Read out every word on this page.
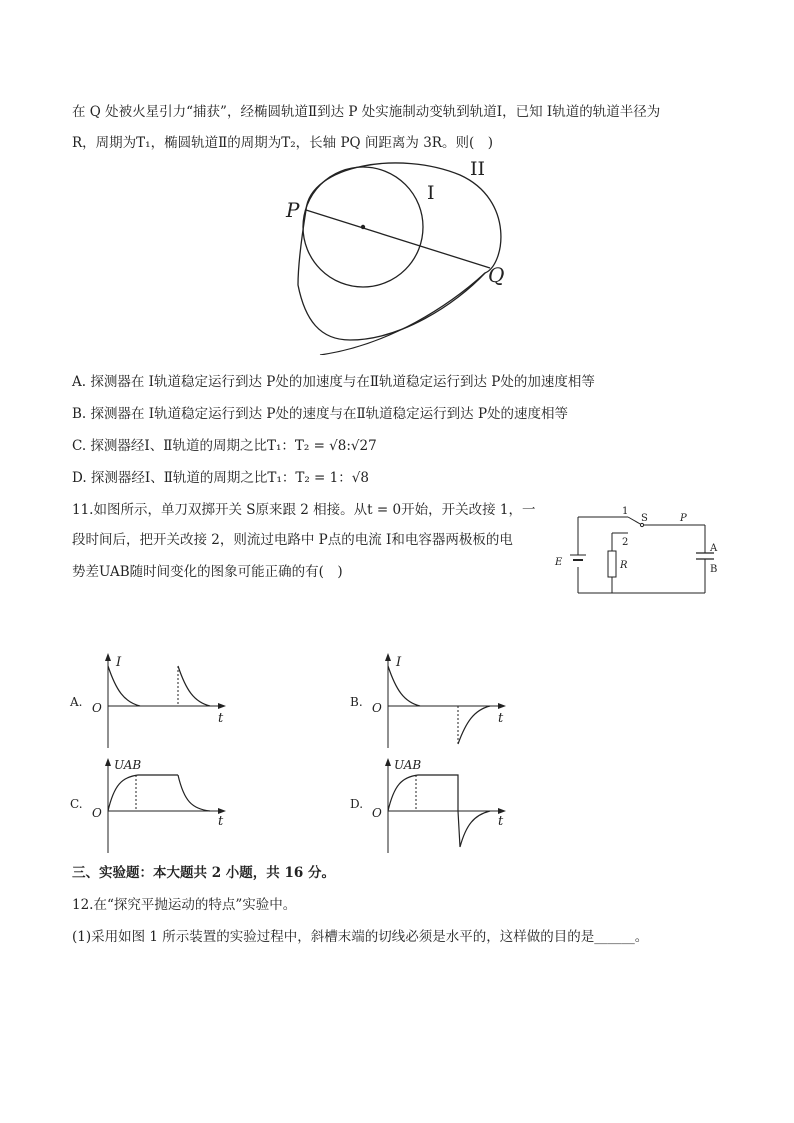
在 Q 处被火星引力“捕获”，经椭圆轨道Ⅱ到达 P 处实施制动变轨到轨道Ⅰ，已知 I轨道的轨道半径为
R，周期为T₁，椭圆轨道Ⅱ的周期为T₂，长轴 PQ 间距离为 3R。则(　)
P
Q
I
II
A. 探测器在 I轨道稳定运行到达 P处的加速度与在Ⅱ轨道稳定运行到达 P处的加速度相等
B. 探测器在 I轨道稳定运行到达 P处的速度与在Ⅱ轨道稳定运行到达 P处的速度相等
C. 探测器经Ⅰ、Ⅱ轨道的周期之比T₁：T₂ = √8:√27
D. 探测器经Ⅰ、Ⅱ轨道的周期之比T₁：T₂ = 1：√8
11.如图所示，单刀双掷开关 S原来跟 2 相接。从t = 0开始，开关改接 1，一
段时间后，把开关改接 2，则流过电路中 P点的电流 I和电容器两极板的电
势差UAB随时间变化的图象可能正确的有(　)
1
2
S	P
A
B
E	R
A.
I
O
t
B.
I
O
t
C.
UAB
O
t
D.
UAB
O
t
三、实验题：本大题共 2 小题，共 16 分。
12.在“探究平抛运动的特点”实验中。
(1)采用如图 1 所示装置的实验过程中，斜槽末端的切线必须是水平的，这样做的目的是______。
